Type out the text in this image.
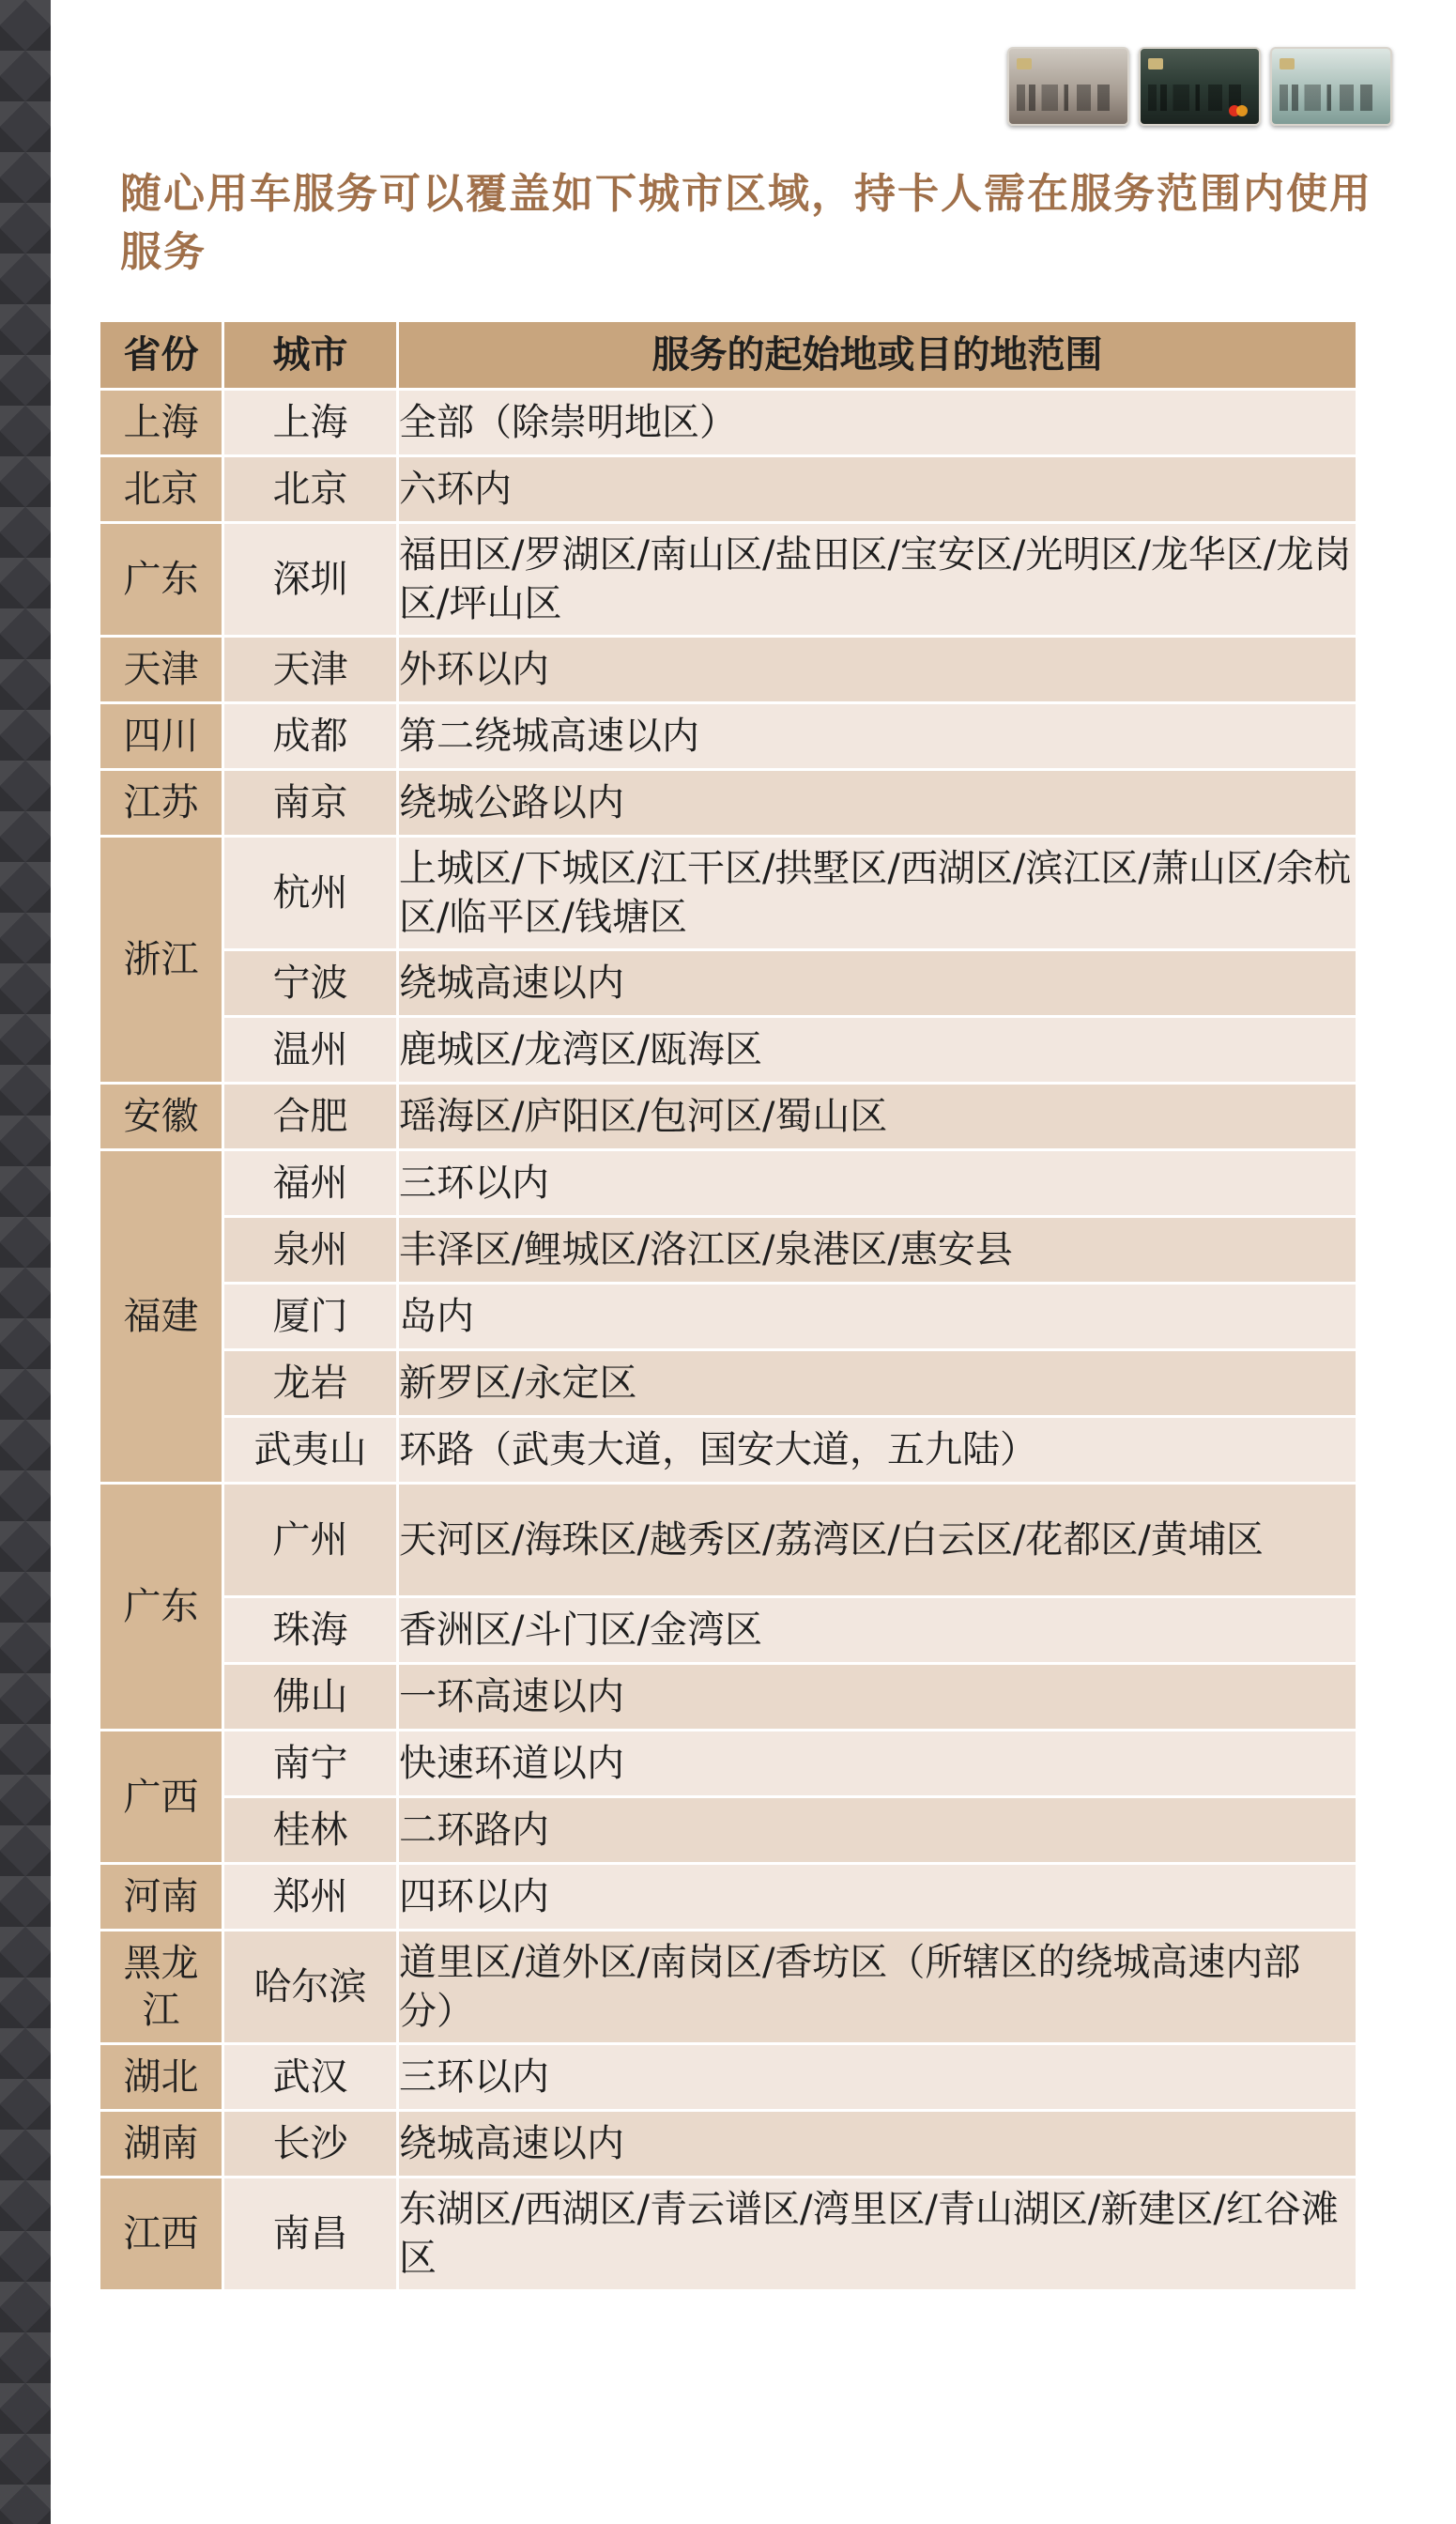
随心用车服务可以覆盖如下城市区域，持卡人需在服务范围内使用服务
省份	城市	服务的起始地或目的地范围
上海	上海	全部（除崇明地区）
北京	北京	六环内
广东	深圳	福田区/罗湖区/南山区/盐田区/宝安区/光明区/龙华区/龙岗区/坪山区
天津	天津	外环以内
四川	成都	第二绕城高速以内
江苏	南京	绕城公路以内
浙江	杭州	上城区/下城区/江干区/拱墅区/西湖区/滨江区/萧山区/余杭区/临平区/钱塘区
	宁波	绕城高速以内
	温州	鹿城区/龙湾区/瓯海区
安徽	合肥	瑶海区/庐阳区/包河区/蜀山区
福建	福州	三环以内
	泉州	丰泽区/鲤城区/洛江区/泉港区/惠安县
	厦门	岛内
	龙岩	新罗区/永定区
	武夷山	环路（武夷大道，国安大道，五九陆）
广东	广州	天河区/海珠区/越秀区/荔湾区/白云区/花都区/黄埔区
	珠海	香洲区/斗门区/金湾区
	佛山	一环高速以内
广西	南宁	快速环道以内
	桂林	二环路内
河南	郑州	四环以内
黑龙江	哈尔滨	道里区/道外区/南岗区/香坊区（所辖区的绕城高速内部分）
湖北	武汉	三环以内
湖南	长沙	绕城高速以内
江西	南昌	东湖区/西湖区/青云谱区/湾里区/青山湖区/新建区/红谷滩区
